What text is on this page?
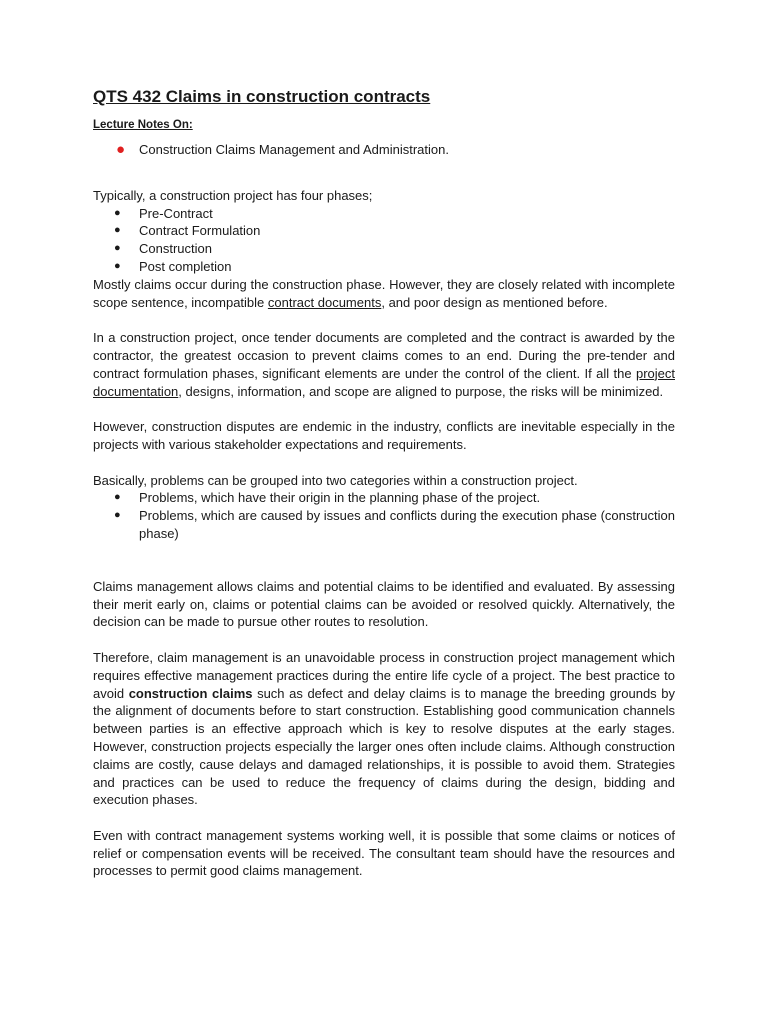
QTS 432 Claims in construction contracts
Lecture Notes On:
● Construction Claims Management and Administration.

Typically, a construction project has four phases;

● Pre-Contract
● Contract Formulation
● Construction
● Post completion

Mostly claims occur during the construction phase. However, they are closely related with incomplete scope sentence, incompatible contract documents, and poor design as mentioned before.

In a construction project, once tender documents are completed and the contract is awarded by the contractor, the greatest occasion to prevent claims comes to an end. During the pre-tender and contract formulation phases, significant elements are under the control of the client. If all the project documentation, designs, information, and scope are aligned to purpose, the risks will be minimized.

However, construction disputes are endemic in the industry, conflicts are inevitable especially in the projects with various stakeholder expectations and requirements.

Basically, problems can be grouped into two categories within a construction project.

● Problems, which have their origin in the planning phase of the project.
● Problems, which are caused by issues and conflicts during the execution phase (construction phase)

Claims management allows claims and potential claims to be identified and evaluated. By assessing their merit early on, claims or potential claims can be avoided or resolved quickly. Alternatively, the decision can be made to pursue other routes to resolution.

Therefore, claim management is an unavoidable process in construction project management which requires effective management practices during the entire life cycle of a project. The best practice to avoid construction claims such as defect and delay claims is to manage the breeding grounds by the alignment of documents before to start construction. Establishing good communication channels between parties is an effective approach which is key to resolve disputes at the early stages. However, construction projects especially the larger ones often include claims. Although construction claims are costly, cause delays and damaged relationships, it is possible to avoid them. Strategies and practices can be used to reduce the frequency of claims during the design, bidding and execution phases.

Even with contract management systems working well, it is possible that some claims or notices of relief or compensation events will be received. The consultant team should have the resources and processes to permit good claims management.
